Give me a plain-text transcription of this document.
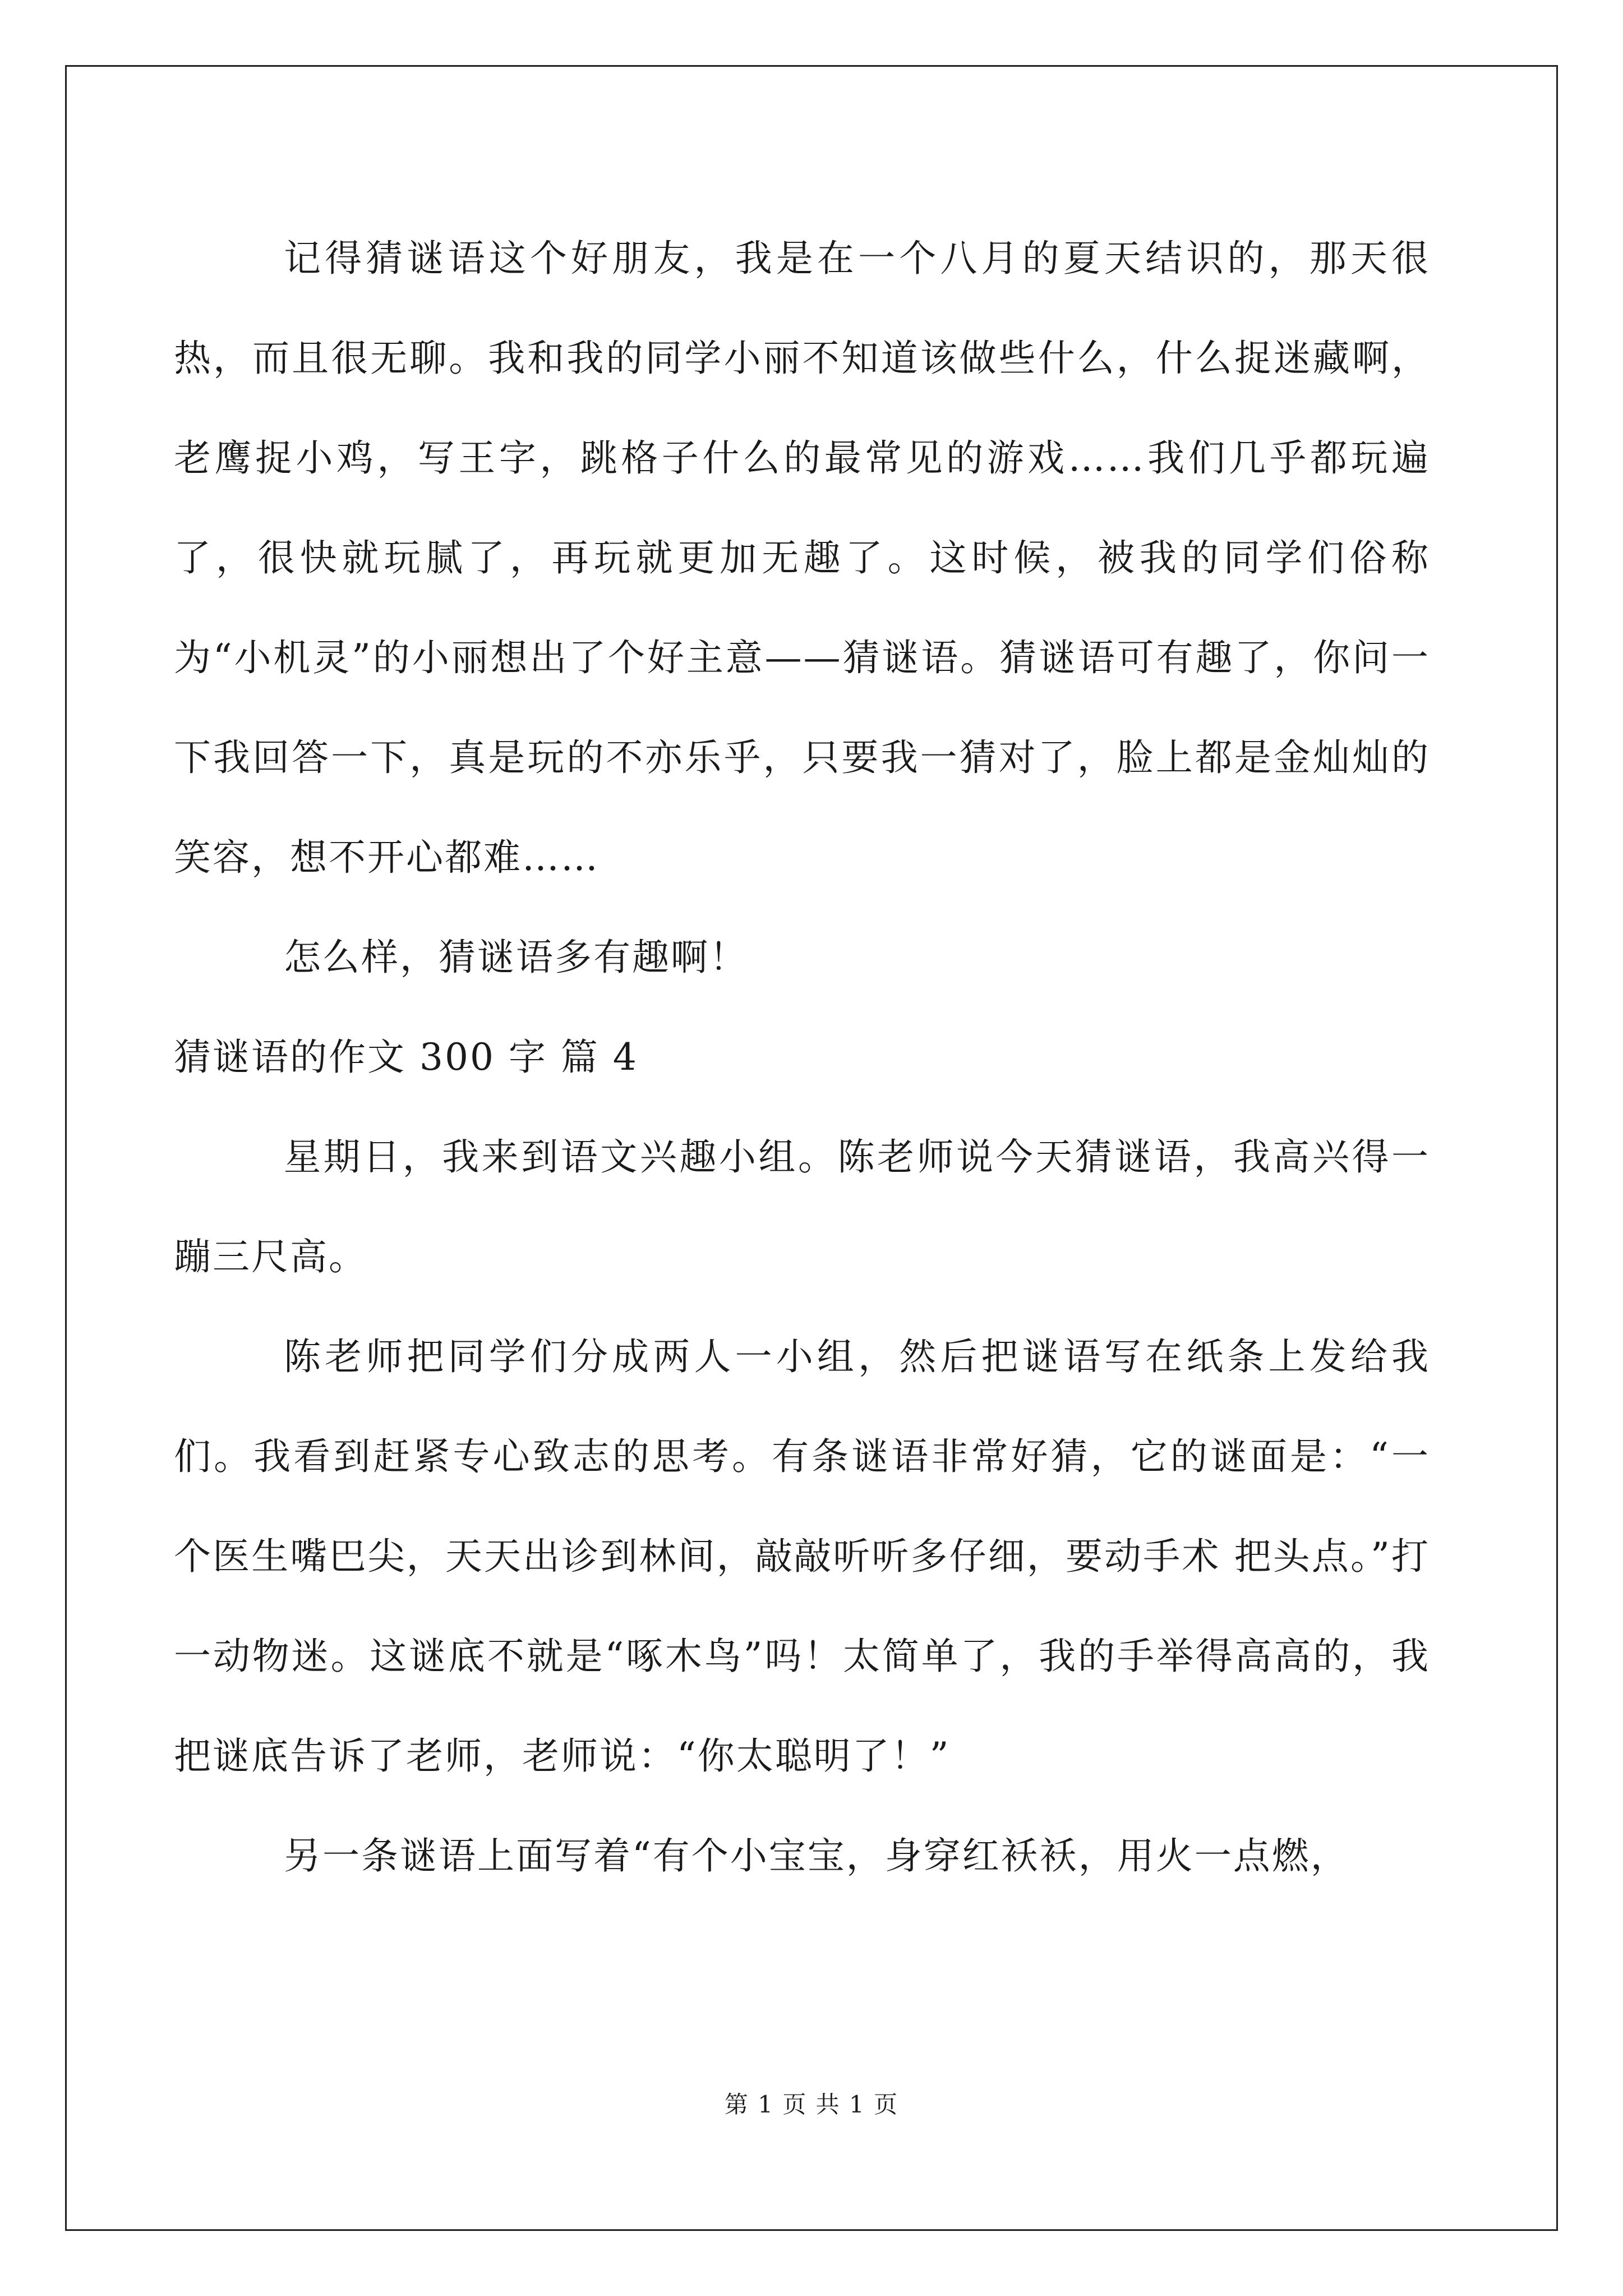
记得猜谜语这个好朋友，我是在一个八月的夏天结识的，那天很热，而且很无聊。我和我的同学小丽不知道该做些什么，什么捉迷藏啊，老鹰捉小鸡，写王字，跳格子什么的最常见的游戏……我们几乎都玩遍了，很快就玩腻了，再玩就更加无趣了。这时候，被我的同学们俗称为“小机灵”的小丽想出了个好主意——猜谜语。猜谜语可有趣了，你问一下我回答一下，真是玩的不亦乐乎，只要我一猜对了，脸上都是金灿灿的笑容，想不开心都难……

怎么样，猜谜语多有趣啊！

猜谜语的作文 300 字 篇 4

星期日，我来到语文兴趣小组。陈老师说今天猜谜语，我高兴得一蹦三尺高。

陈老师把同学们分成两人一小组，然后把谜语写在纸条上发给我们。我看到赶紧专心致志的思考。有条谜语非常好猜，它的谜面是：“一个医生嘴巴尖，天天出诊到林间，敲敲听听多仔细，要动手术 把头点。”打一动物迷。这谜底不就是“啄木鸟”吗！太简单了，我的手举得高高的，我把谜底告诉了老师，老师说：“你太聪明了！”

另一条谜语上面写着“有个小宝宝，身穿红袄袄，用火一点燃，

第 1 页 共 1 页
